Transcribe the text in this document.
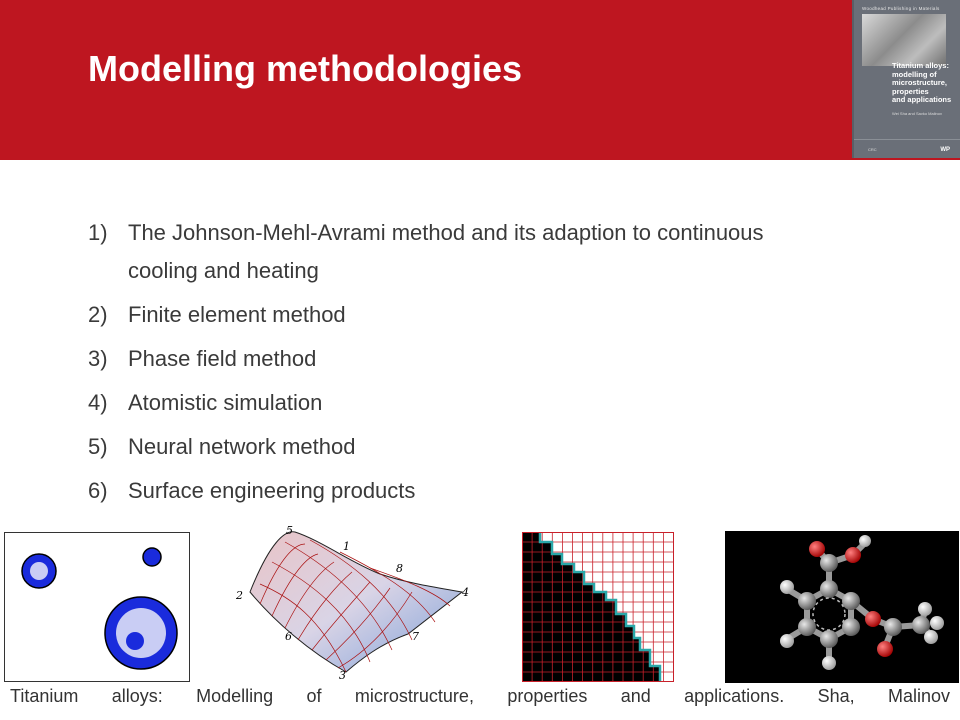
Modelling methodologies
Woodhead Publishing in Materials
Titanium alloys:
modelling of
microstructure,
properties
and applications
Wei Sha and Savko Malinov
CRC	WP
1) The Johnson-Mehl-Avrami method and its adaption to continuous cooling and heating
2) Finite element method
3) Phase field method
4) Atomistic simulation
5) Neural network method
6) Surface engineering products
1
2
3
4
5
6	7
8

Titanium alloys: Modelling of microstructure, properties and applications. Sha, Malinov
